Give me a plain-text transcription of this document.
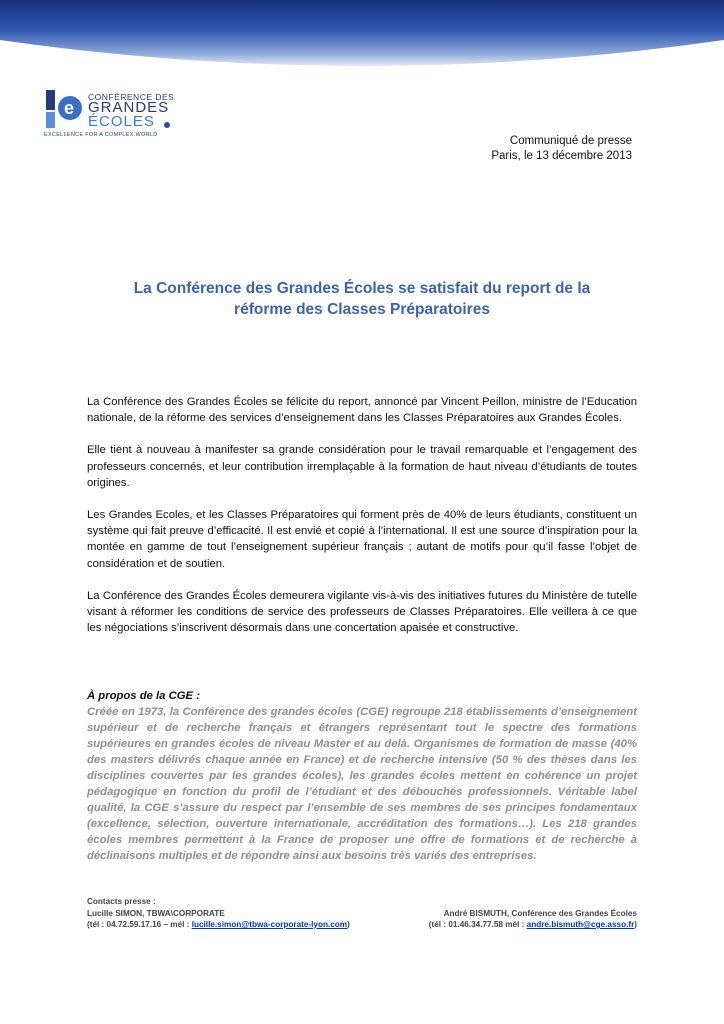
e
CONFÉRENCE DES
GRANDES
ÉCOLES
EXCELLENCE FOR A COMPLEX WORLD	Communiqué de presse
Paris, le 13 décembre 2013
La Conférence des Grandes Écoles se satisfait du report de la
réforme des Classes Préparatoires

La Conférence des Grandes Écoles se félicite du report, annoncé par Vincent Peillon, ministre de l’Education nationale, de la réforme des services d’enseignement dans les Classes Préparatoires aux Grandes Écoles.

Elle tient à nouveau à manifester sa grande considération pour le travail remarquable et l’engagement des professeurs concernés, et leur contribution irremplaçable à la formation de haut niveau d’étudiants de toutes origines.

Les Grandes Ecoles, et les Classes Préparatoires qui forment près de 40% de leurs étudiants, constituent un système qui fait preuve d’efficacité. Il est envié et copié à l’international. Il est une source d’inspiration pour la montée en gamme de tout l’enseignement supérieur français ; autant de motifs pour qu’il fasse l’objet de considération et de soutien.

La Conférence des Grandes Écoles demeurera vigilante vis-à-vis des initiatives futures du Ministère de tutelle visant à réformer les conditions de service des professeurs de Classes Préparatoires. Elle veillera à ce que les négociations s’inscrivent désormais dans une concertation apaisée et constructive.

À propos de la CGE :

Créée en 1973, la Conférence des grandes écoles (CGE) regroupe 218 établissements d’enseignement supérieur et de recherche français et étrangers représentant tout le spectre des formations supérieures en grandes écoles de niveau Master et au delà. Organismes de formation de masse (40% des masters délivrés chaque année en France) et de recherche intensive (50 % des thèses dans les disciplines couvertes par les grandes écoles), les grandes écoles mettent en cohérence un projet pédagogique en fonction du profil de l’étudiant et des débouchés professionnels. Véritable label qualité, la CGE s’assure du respect par l’ensemble de ses membres de ses principes fondamentaux (excellence, sélection, ouverture internationale, accréditation des formations…). Les 218 grandes écoles membres permettent à la France de proposer une offre de formations et de recherche à déclinaisons multiples et de répondre ainsi aux besoins très variés des entreprises.

Contacts presse :
Lucille SIMON, TBWA\CORPORATE	André BISMUTH, Conférence des Grandes Écoles
(tél : 04.72.59.17.16 – mél : lucille.simon@tbwa-corporate-lyon.com)	(tél : 01.46.34.77.58 mél : andre.bismuth@cge.asso.fr)
